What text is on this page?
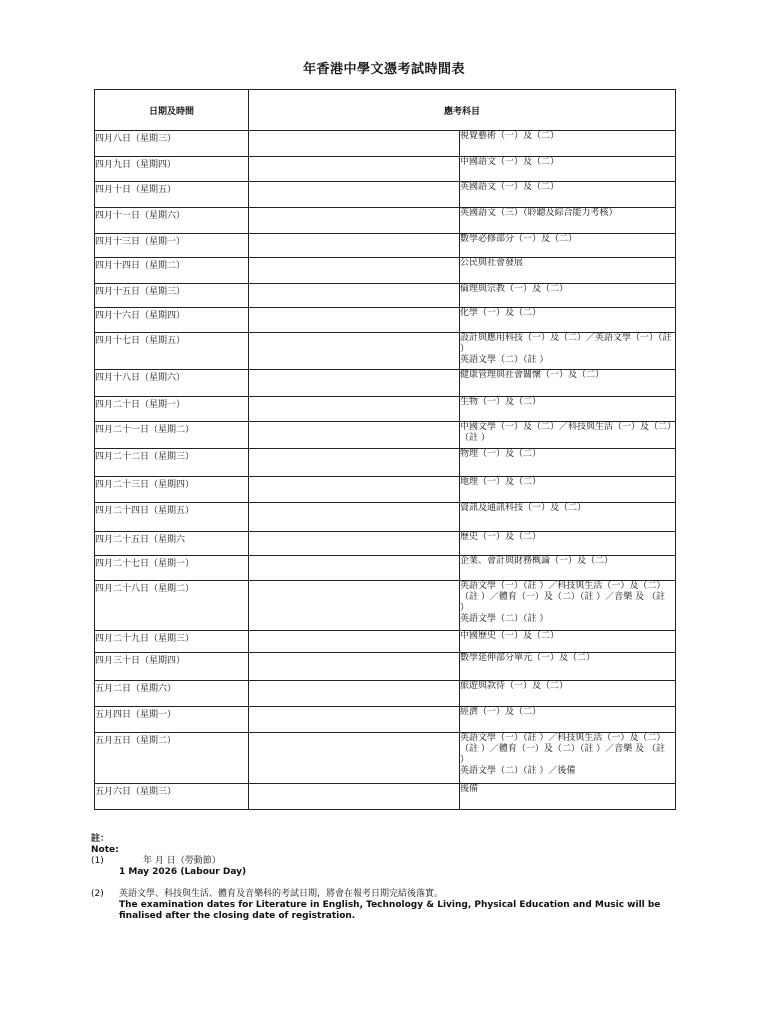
年香港中學文憑考試時間表
日期及時間	應考科目	
四月八日（星期三）		視覺藝術（一）及（二）
四月九日（星期四）		中國語文（一）及（二）
四月十日（星期五）		英國語文（一）及（二）
四月十一日（星期六）		英國語文（三）（聆聽及綜合能力考核）
四月十三日（星期一）		數學必修部分（一）及（二）
四月十四日（星期二）		公民與社會發展
四月十五日（星期三）		倫理與宗教（一）及（二）
四月十六日（星期四）		化學（一）及（二）
四月十七日（星期五）		設計與應用科技（一）及（二）／英語文學（一）（註 ）
英語文學（二）（註 ）
四月十八日（星期六）		健康管理與社會關懷（一）及（二）
四月二十日（星期一）		生物（一）及（二）
四月二十一日（星期二）		中國文學（一）及（二）／科技與生活（一）及（二）（註 ）
四月二十二日（星期三）		物理（一）及（二）
四月二十三日（星期四）		地理（一）及（二）
四月二十四日（星期五）		資訊及通訊科技（一）及（二）
四月二十五日（星期六		歷史（一）及（二）
四月二十七日（星期一）		企業、會計與財務概論（一）及（二）
四月二十八日（星期二）		英語文學（一）（註 ）／科技與生活（一）及（二）（註 ）／體育（一）及（二）（註 ）／音樂 及 （註 ）
英語文學（二）（註 ）
四月二十九日（星期三）		中國歷史（一）及（二）
四月三十日（星期四）		數學延伸部分單元（一）及（二）
五月二日（星期六）		旅遊與款待（一）及（二）
五月四日（星期一）		經濟（一）及（二）
五月五日（星期二）		英語文學（一）（註 ）／科技與生活（一）及（二）（註 ）／體育（一）及（二）（註 ）／音樂 及 （註 ）
英語文學（二）（註 ）／後備
五月六日（星期三）		後備
註：
Note:
(1)	年 月 日（勞動節）
1 May 2026 (Labour Day)
(2)	英語文學、科技與生活、體育及音樂科的考試日期，將會在報考日期完結後落實。
The examination dates for Literature in English, Technology & Living, Physical Education and Music will be finalised after the closing date of registration.
